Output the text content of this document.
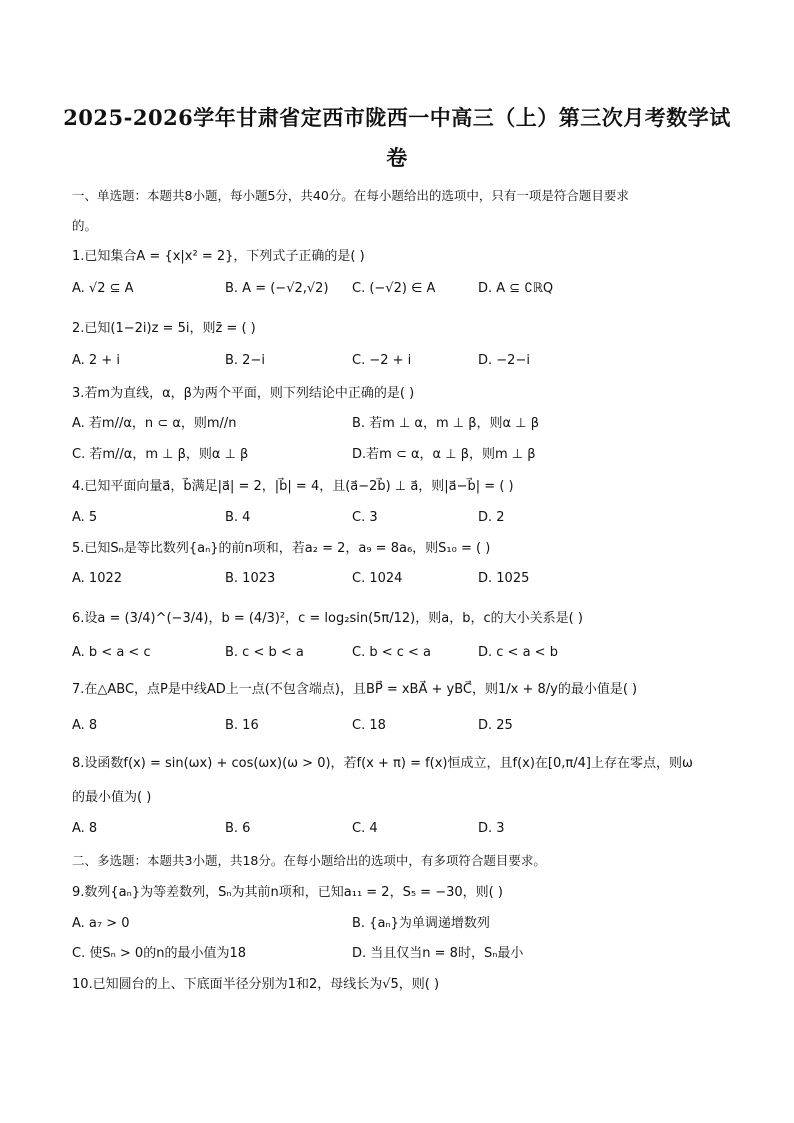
2025-2026学年甘肃省定西市陇西一中高三（上）第三次月考数学试
卷
一、单选题：本题共8小题，每小题5分，共40分。在每小题给出的选项中，只有一项是符合题目要求
的。
1.已知集合A = {x|x² = 2}，下列式子正确的是( )
A. √2 ⊆ A	B. A = (−√2,√2) C. (−√2) ∈ A	D. A ⊆ ∁ℝQ
2.已知(1−2i)z = 5i，则z̄ = ( )
A. 2 + i	B. 2−i	C. −2 + i	D. −2−i
3.若m为直线，α，β为两个平面，则下列结论中正确的是( )
A. 若m//α，n ⊂ α，则m//n	B. 若m ⊥ α，m ⊥ β，则α ⊥ β
C. 若m//α，m ⊥ β，则α ⊥ β	D.若m ⊂ α，α ⊥ β，则m ⊥ β
4.已知平面向量a⃗，b⃗满足|a⃗| = 2，|b⃗| = 4，且(a⃗−2b⃗) ⊥ a⃗，则|a⃗−b⃗| = ( )
A. 5	B. 4	C. 3	D. 2
5.已知Sₙ是等比数列{aₙ}的前n项和，若a₂ = 2，a₉ = 8a₆，则S₁₀ = ( )
A. 1022	B. 1023	C. 1024	D. 1025
6.设a = (3/4)^(−3/4)，b = (4/3)²，c = log₂sin(5π/12)，则a，b，c的大小关系是( )
A. b < a < c	B. c < b < a	C. b < c < a	D. c < a < b
7.在△ABC，点P是中线AD上一点(不包含端点)，且BP⃗ = xBA⃗ + yBC⃗，则1/x + 8/y的最小值是( )
A. 8	B. 16	C. 18	D. 25
8.设函数f(x) = sin(ωx) + cos(ωx)(ω > 0)，若f(x + π) = f(x)恒成立，且f(x)在[0,π/4]上存在零点，则ω
的最小值为( )
A. 8	B. 6	C. 4	D. 3
二、多选题：本题共3小题，共18分。在每小题给出的选项中，有多项符合题目要求。
9.数列{aₙ}为等差数列，Sₙ为其前n项和，已知a₁₁ = 2，S₅ = −30，则( )
A. a₇ > 0	B. {aₙ}为单调递增数列
C. 使Sₙ > 0的n的最小值为18	D. 当且仅当n = 8时，Sₙ最小
10.已知圆台的上、下底面半径分别为1和2，母线长为√5，则( )
